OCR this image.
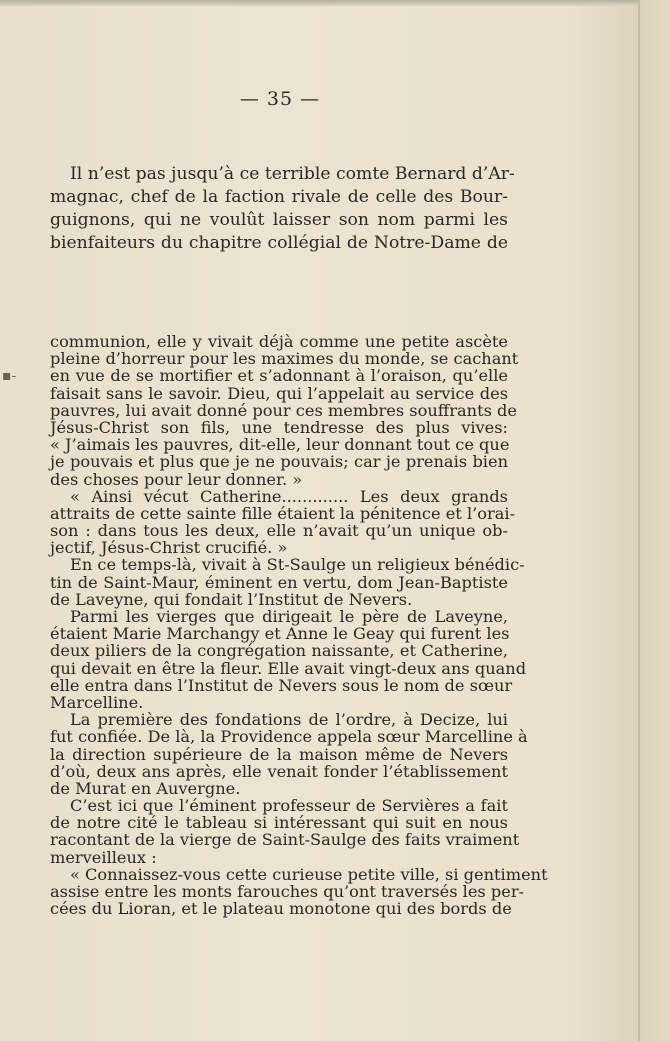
▪‑
— 35 —
Il n’est pas jusqu’à ce terrible comte Bernard d’Ar-
magnac, chef de la faction rivale de celle des Bour-
guignons, qui ne voulût laisser son nom parmi les
bienfaiteurs du chapitre collégial de Notre-Dame de
communion, elle y vivait déjà comme une petite ascète
pleine d’horreur pour les maximes du monde, se cachant
en vue de se mortifier et s’adonnant à l’oraison, qu’elle
faisait sans le savoir. Dieu, qui l’appelait au service des
pauvres, lui avait donné pour ces membres souffrants de
Jésus-Christ son fils, une tendresse des plus vives:
« J’aimais les pauvres, dit-elle, leur donnant tout ce que
je pouvais et plus que je ne pouvais; car je prenais bien
des choses pour leur donner. »
« Ainsi vécut Catherine............. Les deux grands
attraits de cette sainte fille étaient la pénitence et l’orai-
son : dans tous les deux, elle n’avait qu’un unique ob-
jectif, Jésus-Christ crucifié. »
En ce temps-là, vivait à St-Saulge un religieux bénédic-
tin de Saint-Maur, éminent en vertu, dom Jean-Baptiste
de Laveyne, qui fondait l’Institut de Nevers.
Parmi les vierges que dirigeait le père de Laveyne,
étaient Marie Marchangy et Anne le Geay qui furent les
deux piliers de la congrégation naissante, et Catherine,
qui devait en être la fleur. Elle avait vingt-deux ans quand
elle entra dans l’Institut de Nevers sous le nom de sœur
Marcelline.
La première des fondations de l’ordre, à Decize, lui
fut confiée. De là, la Providence appela sœur Marcelline à
la direction supérieure de la maison même de Nevers
d’où, deux ans après, elle venait fonder l’établissement
de Murat en Auvergne.
C’est ici que l’éminent professeur de Servières a fait
de notre cité le tableau si intéressant qui suit en nous
racontant de la vierge de Saint-Saulge des faits vraiment
merveilleux :
« Connaissez-vous cette curieuse petite ville, si gentiment
assise entre les monts farouches qu’ont traversés les per-
cées du Lioran, et le plateau monotone qui des bords de
